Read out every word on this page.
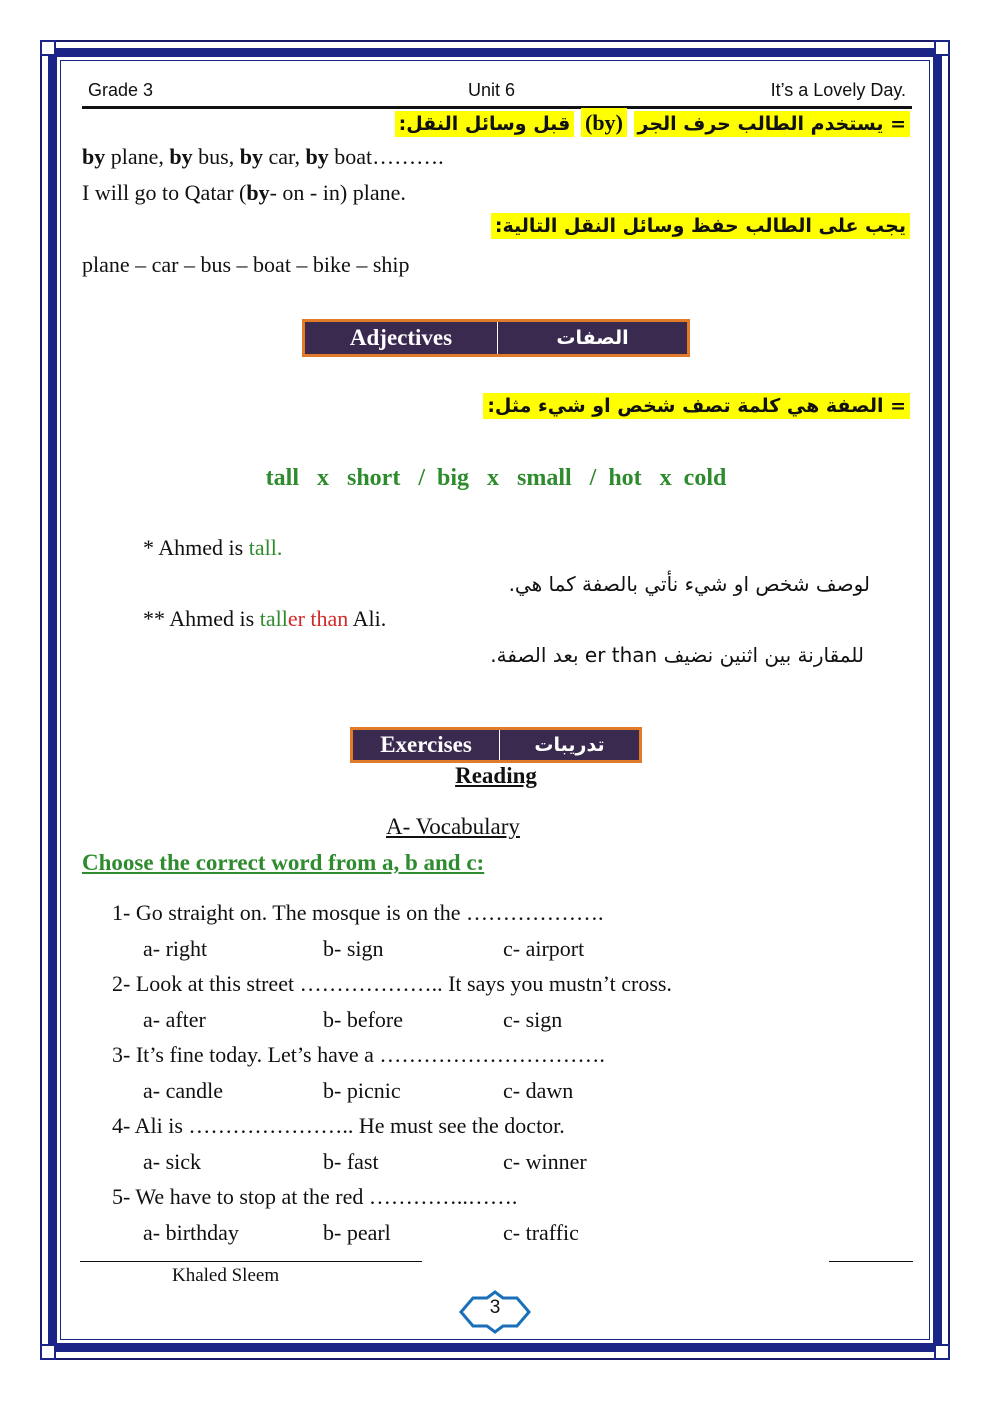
Grade 3	Unit 6	It’s a Lovely Day.
= يستخدم الطالب حرف الجر (by) قبل وسائل النقل:
by plane, by bus, by car, by boat……….
I will go to Qatar (by- on - in) plane.
يجب على الطالب حفظ وسائل النقل التالية:
plane – car – bus – boat – bike – ship
Adjectives	الصفات
= الصفة هي كلمة تصف شخص او شيء مثل:
tall   x   short   /  big   x   small   /  hot   x  cold
* Ahmed is tall.
لوصف شخص او شيء نأتي بالصفة كما هي.
** Ahmed is taller than Ali.
للمقارنة بين اثنين نضيف er than بعد الصفة.
Exercises	تدريبات
Reading
A- Vocabulary
Choose the correct word from a, b and c:
1- Go straight on. The mosque is on the ……………….
a- right	b- sign	c- airport
2- Look at this street ……………….. It says you mustn’t cross.
a- after	b- before	c- sign
3- It’s fine today. Let’s have a ………………………….
a- candle	b- picnic	c- dawn
4- Ali is ………………….. He must see the doctor.
a- sick	b- fast	c- winner
5- We have to stop at the red …………..…….
a- birthday	b- pearl	c- traffic
Khaled Sleem
3
